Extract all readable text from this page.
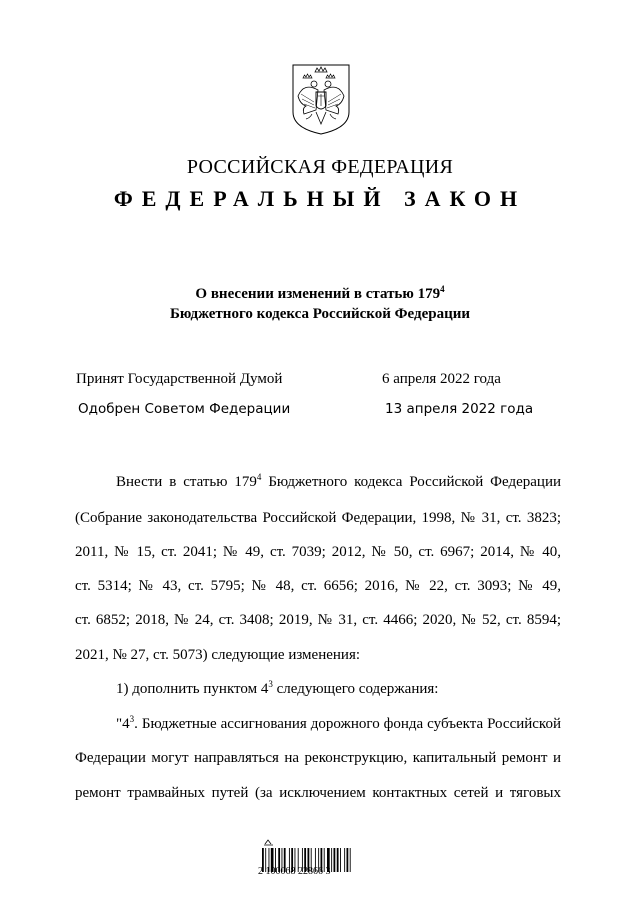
РОССИЙСКАЯ ФЕДЕРАЦИЯ
ФЕДЕРАЛЬНЫЙ ЗАКОН
О внесении изменений в статью $179^4$
Бюджетного кодекса Российской Федерации
Принят Государственной Думой	6 апреля 2022 года
Одобрен Советом Федерации	13 апреля 2022 года
Внести в статью $179^4$ Бюджетного кодекса Российской Федерации
(Собрание законодательства Российской Федерации, 1998, № 31, ст. 3823;
2011, № 15, ст. 2041; № 49, ст. 7039; 2012, № 50, ст. 6967; 2014, № 40,
ст. 5314; № 43, ст. 5795; № 48, ст. 6656; 2016, № 22, ст. 3093; № 49,
ст. 6852; 2018, № 24, ст. 3408; 2019, № 31, ст. 4466; 2020, № 52, ст. 8594;
2021, № 27, ст. 5073) следующие изменения:
1) дополнить пунктом $4^3$ следующего содержания:
"$4^3$. Бюджетные ассигнования дорожного фонда субъекта Российской
Федерации могут направляться на реконструкцию, капитальный ремонт и
ремонт трамвайных путей (за исключением контактных сетей и тяговых
2 100068 22866 3
